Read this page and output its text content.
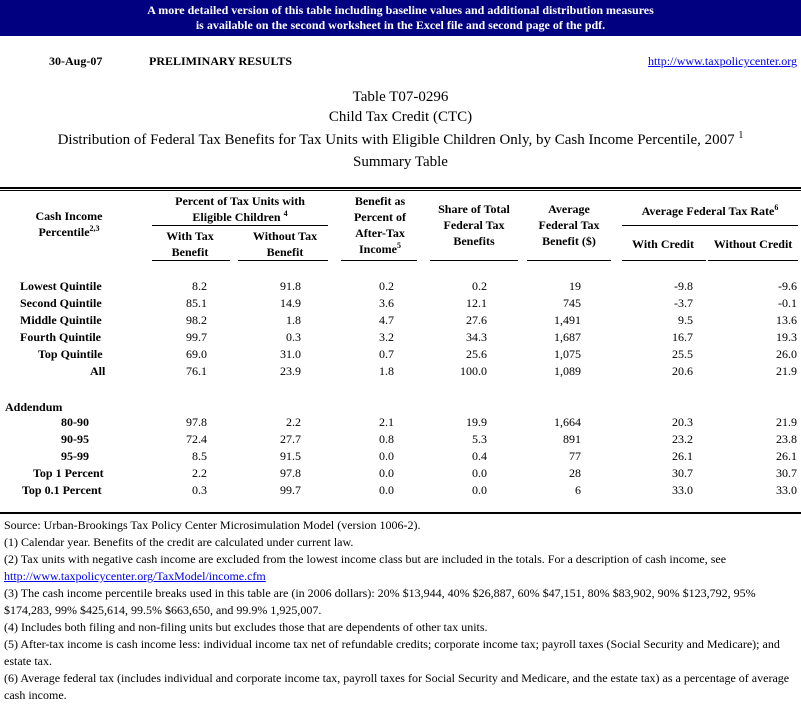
A more detailed version of this table including baseline values and additional distribution measures
is available on the second worksheet in the Excel file and second page of the pdf.
30-Aug-07	PRELIMINARY RESULTS	http://www.taxpolicycenter.org
Table T07-0296
Child Tax Credit (CTC)
Distribution of Federal Tax Benefits for Tax Units with Eligible Children Only, by Cash Income Percentile, 2007 $^1$
Summary Table
Cash Income
Percentile$^{2,3}$
Percent of Tax Units with
Eligible Children $^4$
With Tax
Benefit
Without Tax
Benefit
Benefit as
Percent of
After-Tax
Income$^5$
Share of Total
Federal Tax
Benefits
Average
Federal Tax
Benefit ($)
Average Federal Tax Rate$^6$
With Credit	Without Credit
Lowest Quintile	8.2	91.8	0.2	0.2	19	-9.8	-9.6
Second Quintile	85.1	14.9	3.6	12.1	745	-3.7	-0.1
Middle Quintile	98.2	1.8	4.7	27.6	1,491	9.5	13.6
Fourth Quintile	99.7	0.3	3.2	34.3	1,687	16.7	19.3
Top Quintile	69.0	31.0	0.7	25.6	1,075	25.5	26.0
All	76.1	23.9	1.8	100.0	1,089	20.6	21.9
Addendum
80-90	97.8	2.2	2.1	19.9	1,664	20.3	21.9
90-95	72.4	27.7	0.8	5.3	891	23.2	23.8
95-99	8.5	91.5	0.0	0.4	77	26.1	26.1
Top 1 Percent	2.2	97.8	0.0	0.0	28	30.7	30.7
Top 0.1 Percent	0.3	99.7	0.0	0.0	6	33.0	33.0
Source: Urban-Brookings Tax Policy Center Microsimulation Model (version 1006-2).
(1) Calendar year. Benefits of the credit are calculated under current law.
(2) Tax units with negative cash income are excluded from the lowest income class but are included in the totals. For a description of cash income, see
http://www.taxpolicycenter.org/TaxModel/income.cfm
(3) The cash income percentile breaks used in this table are (in 2006 dollars): 20% $13,944, 40% $26,887, 60% $47,151, 80% $83,902, 90% $123,792, 95% $174,283, 99% $425,614, 99.5% $663,650, and 99.9% 1,925,007.
(4) Includes both filing and non-filing units but excludes those that are dependents of other tax units.
(5) After-tax income is cash income less: individual income tax net of refundable credits; corporate income tax; payroll taxes (Social Security and Medicare); and estate tax.
(6) Average federal tax (includes individual and corporate income tax, payroll taxes for Social Security and Medicare, and the estate tax) as a percentage of average cash income.
